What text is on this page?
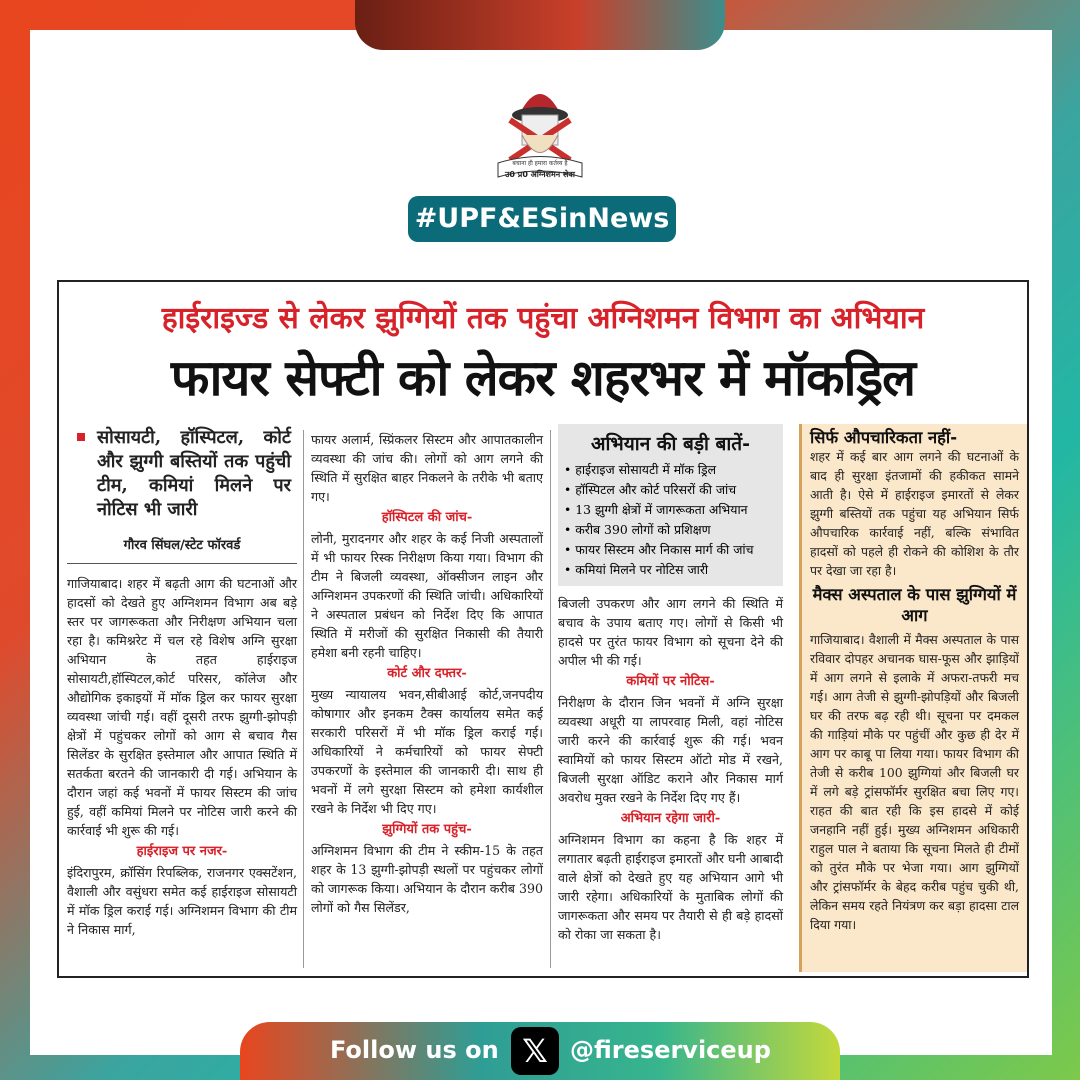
बचाना ही हमारा कर्तव्य है
उ0 प्र0 अग्निशमन सेवा
#UPF&ESinNews
हाईराइज्ड से लेकर झुग्गियों तक पहुंचा अग्निशमन विभाग का अभियान
फायर सेफ्टी को लेकर शहरभर में मॉकड्रिल
सोसायटी, हॉस्पिटल, कोर्ट और झुग्गी बस्तियों तक पहुंची टीम, कमियां मिलने पर नोटिस भी जारी
गौरव सिंघल/स्टेट फॉरवर्ड

गाजियाबाद। शहर में बढ़ती आग की घटनाओं और हादसों को देखते हुए अग्निशमन विभाग अब बड़े स्तर पर जागरूकता और निरीक्षण अभियान चला रहा है। कमिश्नरेट में चल रहे विशेष अग्नि सुरक्षा अभियान के तहत हाईराइज सोसायटी,हॉस्पिटल,कोर्ट परिसर, कॉलेज और औद्योगिक इकाइयों में मॉक ड्रिल कर फायर सुरक्षा व्यवस्था जांची गई। वहीं दूसरी तरफ झुग्गी-झोपड़ी क्षेत्रों में पहुंचकर लोगों को आग से बचाव गैस सिलेंडर के सुरक्षित इस्तेमाल और आपात स्थिति में सतर्कता बरतने की जानकारी दी गई। अभियान के दौरान जहां कई भवनों में फायर सिस्टम की जांच हुई, वहीं कमियां मिलने पर नोटिस जारी करने की कार्रवाई भी शुरू की गई।

हाईराइज पर नजर-

इंदिरापुरम, क्रॉसिंग रिपब्लिक, राजनगर एक्सटेंशन, वैशाली और वसुंधरा समेत कई हाईराइज सोसायटी में मॉक ड्रिल कराई गई। अग्निशमन विभाग की टीम ने निकास मार्ग,

फायर अलार्म, स्प्रिंकलर सिस्टम और आपातकालीन व्यवस्था की जांच की। लोगों को आग लगने की स्थिति में सुरक्षित बाहर निकलने के तरीके भी बताए गए।

हॉस्पिटल की जांच-

लोनी, मुरादनगर और शहर के कई निजी अस्पतालों में भी फायर रिस्क निरीक्षण किया गया। विभाग की टीम ने बिजली व्यवस्था, ऑक्सीजन लाइन और अग्निशमन उपकरणों की स्थिति जांची। अधिकारियों ने अस्पताल प्रबंधन को निर्देश दिए कि आपात स्थिति में मरीजों की सुरक्षित निकासी की तैयारी हमेशा बनी रहनी चाहिए।

कोर्ट और दफ्तर-

मुख्य न्यायालय भवन,सीबीआई कोर्ट,जनपदीय कोषागार और इनकम टैक्स कार्यालय समेत कई सरकारी परिसरों में भी मॉक ड्रिल कराई गई। अधिकारियों ने कर्मचारियों को फायर सेफ्टी उपकरणों के इस्तेमाल की जानकारी दी। साथ ही भवनों में लगे सुरक्षा सिस्टम को हमेशा कार्यशील रखने के निर्देश भी दिए गए।

झुग्गियों तक पहुंच-

अग्निशमन विभाग की टीम ने स्कीम-15 के तहत शहर के 13 झुग्गी-झोपड़ी स्थलों पर पहुंचकर लोगों को जागरूक किया। अभियान के दौरान करीब 390 लोगों को गैस सिलेंडर,

अभियान की बड़ी बातें-
• हाईराइज सोसायटी में मॉक ड्रिल
• हॉस्पिटल और कोर्ट परिसरों की जांच
• 13 झुग्गी क्षेत्रों में जागरूकता अभियान
• करीब 390 लोगों को प्रशिक्षण
• फायर सिस्टम और निकास मार्ग की जांच
• कमियां मिलने पर नोटिस जारी

बिजली उपकरण और आग लगने की स्थिति में बचाव के उपाय बताए गए। लोगों से किसी भी हादसे पर तुरंत फायर विभाग को सूचना देने की अपील भी की गई।

कमियों पर नोटिस-

निरीक्षण के दौरान जिन भवनों में अग्नि सुरक्षा व्यवस्था अधूरी या लापरवाह मिली, वहां नोटिस जारी करने की कार्रवाई शुरू की गई। भवन स्वामियों को फायर सिस्टम ऑटो मोड में रखने, बिजली सुरक्षा ऑडिट कराने और निकास मार्ग अवरोध मुक्त रखने के निर्देश दिए गए हैं।

अभियान रहेगा जारी-

अग्निशमन विभाग का कहना है कि शहर में लगातार बढ़ती हाईराइज इमारतों और घनी आबादी वाले क्षेत्रों को देखते हुए यह अभियान आगे भी जारी रहेगा। अधिकारियों के मुताबिक लोगों की जागरूकता और समय पर तैयारी से ही बड़े हादसों को रोका जा सकता है।

सिर्फ औपचारिकता नहीं-

शहर में कई बार आग लगने की घटनाओं के बाद ही सुरक्षा इंतजामों की हकीकत सामने आती है। ऐसे में हाईराइज इमारतों से लेकर झुग्गी बस्तियों तक पहुंचा यह अभियान सिर्फ औपचारिक कार्रवाई नहीं, बल्कि संभावित हादसों को पहले ही रोकने की कोशिश के तौर पर देखा जा रहा है।

मैक्स अस्पताल के पास झुग्गियों में आग

गाजियाबाद। वैशाली में मैक्स अस्पताल के पास रविवार दोपहर अचानक घास-फूस और झाड़ियों में आग लगने से इलाके में अफरा-तफरी मच गई। आग तेजी से झुग्गी-झोपड़ियों और बिजली घर की तरफ बढ़ रही थी। सूचना पर दमकल की गाड़ियां मौके पर पहुंचीं और कुछ ही देर में आग पर काबू पा लिया गया। फायर विभाग की तेजी से करीब 100 झुग्गियां और बिजली घर में लगे बड़े ट्रांसफॉर्मर सुरक्षित बचा लिए गए। राहत की बात रही कि इस हादसे में कोई जनहानि नहीं हुई। मुख्य अग्निशमन अधिकारी राहुल पाल ने बताया कि सूचना मिलते ही टीमों को तुरंत मौके पर भेजा गया। आग झुग्गियों और ट्रांसफॉर्मर के बेहद करीब पहुंच चुकी थी, लेकिन समय रहते नियंत्रण कर बड़ा हादसा टाल दिया गया।

Follow us on 𝕏 @fireserviceup
